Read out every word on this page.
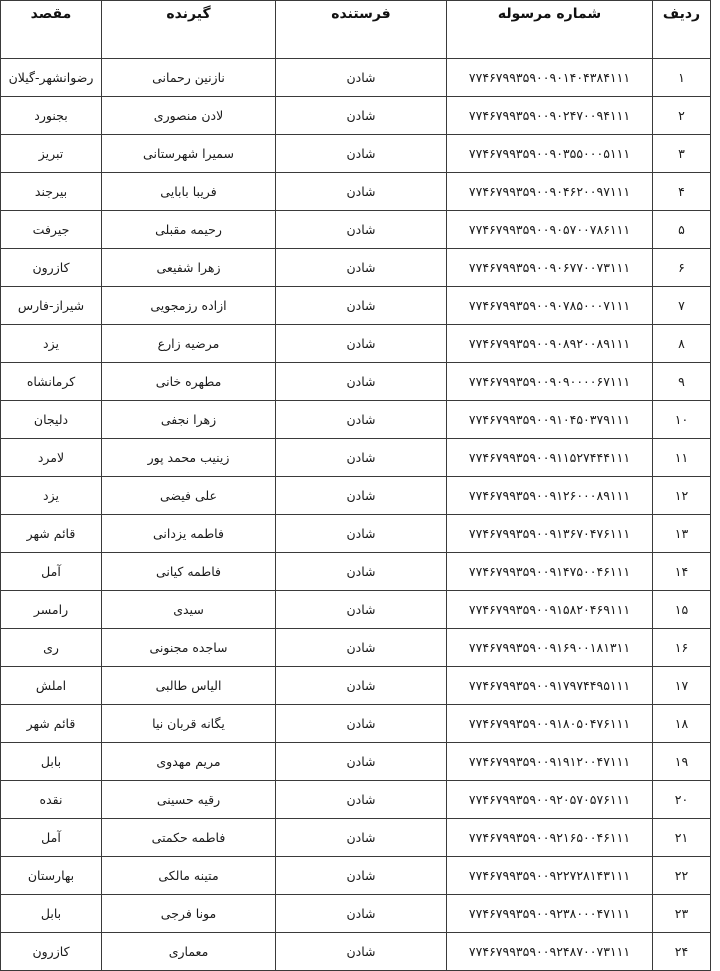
ردیف	شماره مرسوله	فرستنده	گیرنده	مقصد
۱	۷۷۴۶۷۹۹۳۵۹۰۰۹۰۱۴۰۴۳۸۴۱۱۱	شادن	نازنین رحمانی	رضوانشهر-گیلان
۲	۷۷۴۶۷۹۹۳۵۹۰۰۹۰۲۴۷۰۰۹۴۱۱۱	شادن	لادن منصوری	بجنورد
۳	۷۷۴۶۷۹۹۳۵۹۰۰۹۰۳۵۵۰۰۰۵۱۱۱	شادن	سمیرا شهرستانی	تبریز
۴	۷۷۴۶۷۹۹۳۵۹۰۰۹۰۴۶۲۰۰۹۷۱۱۱	شادن	فریبا بابایی	بیرجند
۵	۷۷۴۶۷۹۹۳۵۹۰۰۹۰۵۷۰۰۷۸۶۱۱۱	شادن	رحیمه مقبلی	جیرفت
۶	۷۷۴۶۷۹۹۳۵۹۰۰۹۰۶۷۷۰۰۷۳۱۱۱	شادن	زهرا شفیعی	کازرون
۷	۷۷۴۶۷۹۹۳۵۹۰۰۹۰۷۸۵۰۰۰۷۱۱۱	شادن	ازاده رزمجویی	شیراز-فارس
۸	۷۷۴۶۷۹۹۳۵۹۰۰۹۰۸۹۲۰۰۸۹۱۱۱	شادن	مرضیه زارع	یزد
۹	۷۷۴۶۷۹۹۳۵۹۰۰۹۰۹۰۰۰۰۶۷۱۱۱	شادن	مطهره خانی	کرمانشاه
۱۰	۷۷۴۶۷۹۹۳۵۹۰۰۹۱۰۴۵۰۳۷۹۱۱۱	شادن	زهرا نجفی	دلیجان
۱۱	۷۷۴۶۷۹۹۳۵۹۰۰۹۱۱۵۲۷۴۴۴۱۱۱	شادن	زینیب محمد پور	لامرد
۱۲	۷۷۴۶۷۹۹۳۵۹۰۰۹۱۲۶۰۰۰۸۹۱۱۱	شادن	علی فیضی	یزد
۱۳	۷۷۴۶۷۹۹۳۵۹۰۰۹۱۳۶۷۰۴۷۶۱۱۱	شادن	فاطمه یزدانی	قائم شهر
۱۴	۷۷۴۶۷۹۹۳۵۹۰۰۹۱۴۷۵۰۰۴۶۱۱۱	شادن	فاطمه کیانی	آمل
۱۵	۷۷۴۶۷۹۹۳۵۹۰۰۹۱۵۸۲۰۴۶۹۱۱۱	شادن	سیدی	رامسر
۱۶	۷۷۴۶۷۹۹۳۵۹۰۰۹۱۶۹۰۰۱۸۱۳۱۱	شادن	ساجده مجنونی	ری
۱۷	۷۷۴۶۷۹۹۳۵۹۰۰۹۱۷۹۷۴۴۹۵۱۱۱	شادن	الیاس طالبی	املش
۱۸	۷۷۴۶۷۹۹۳۵۹۰۰۹۱۸۰۵۰۴۷۶۱۱۱	شادن	یگانه قربان نیا	قائم شهر
۱۹	۷۷۴۶۷۹۹۳۵۹۰۰۹۱۹۱۲۰۰۴۷۱۱۱	شادن	مریم مهدوی	بابل
۲۰	۷۷۴۶۷۹۹۳۵۹۰۰۹۲۰۵۷۰۵۷۶۱۱۱	شادن	رقیه حسینی	نقده
۲۱	۷۷۴۶۷۹۹۳۵۹۰۰۹۲۱۶۵۰۰۴۶۱۱۱	شادن	فاطمه حکمتی	آمل
۲۲	۷۷۴۶۷۹۹۳۵۹۰۰۹۲۲۷۲۸۱۴۳۱۱۱	شادن	متینه مالکی	بهارستان
۲۳	۷۷۴۶۷۹۹۳۵۹۰۰۹۲۳۸۰۰۰۴۷۱۱۱	شادن	مونا فرجی	بابل
۲۴	۷۷۴۶۷۹۹۳۵۹۰۰۹۲۴۸۷۰۰۷۳۱۱۱	شادن	معماری	کازرون
